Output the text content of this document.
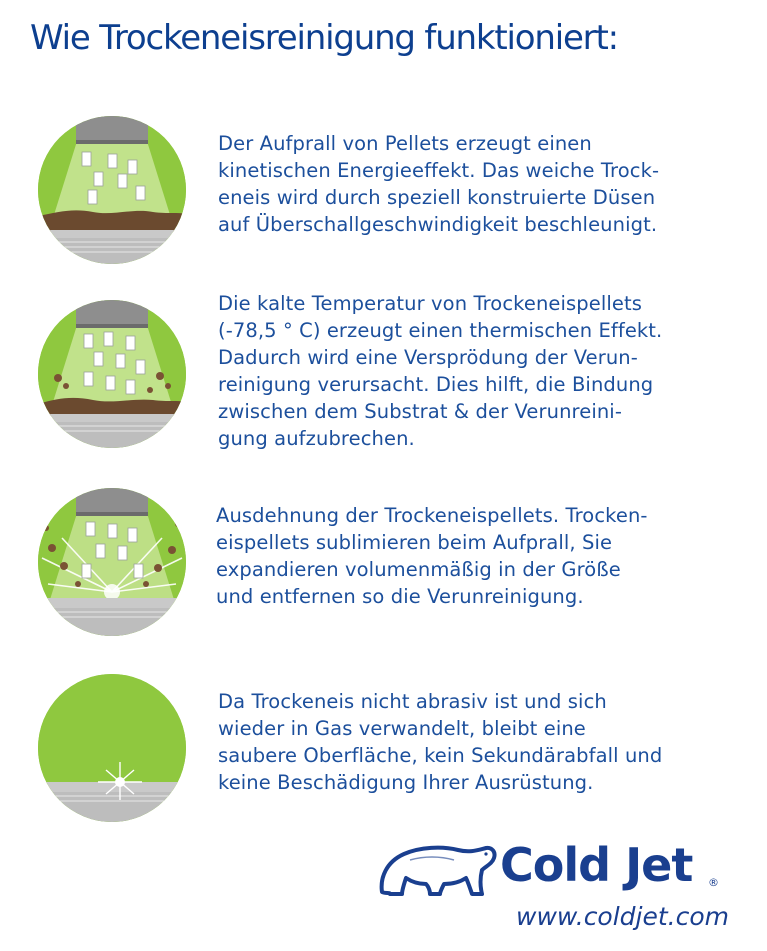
Wie Trockeneisreinigung funktioniert:
Der Aufprall von Pellets erzeugt einen
kinetischen Energieeffekt. Das weiche Trock-
eneis wird durch speziell konstruierte Düsen
auf Überschallgeschwindigkeit beschleunigt.
Die kalte Temperatur von Trockeneispellets
(-78,5 ° C) erzeugt einen thermischen Effekt.
Dadurch wird eine Versprödung der Verun-
reinigung verursacht. Dies hilft, die Bindung
zwischen dem Substrat & der Verunreini-
gung aufzubrechen.
Ausdehnung der Trockeneispellets. Trocken-
eispellets sublimieren beim Aufprall, Sie
expandieren volumenmäßig in der Größe
und entfernen so die Verunreinigung.
Da Trockeneis nicht abrasiv ist und sich
wieder in Gas verwandelt, bleibt eine
saubere Oberfläche, kein Sekundärabfall und
keine Beschädigung Ihrer Ausrüstung.
Cold Jet ®
www.coldjet.com
